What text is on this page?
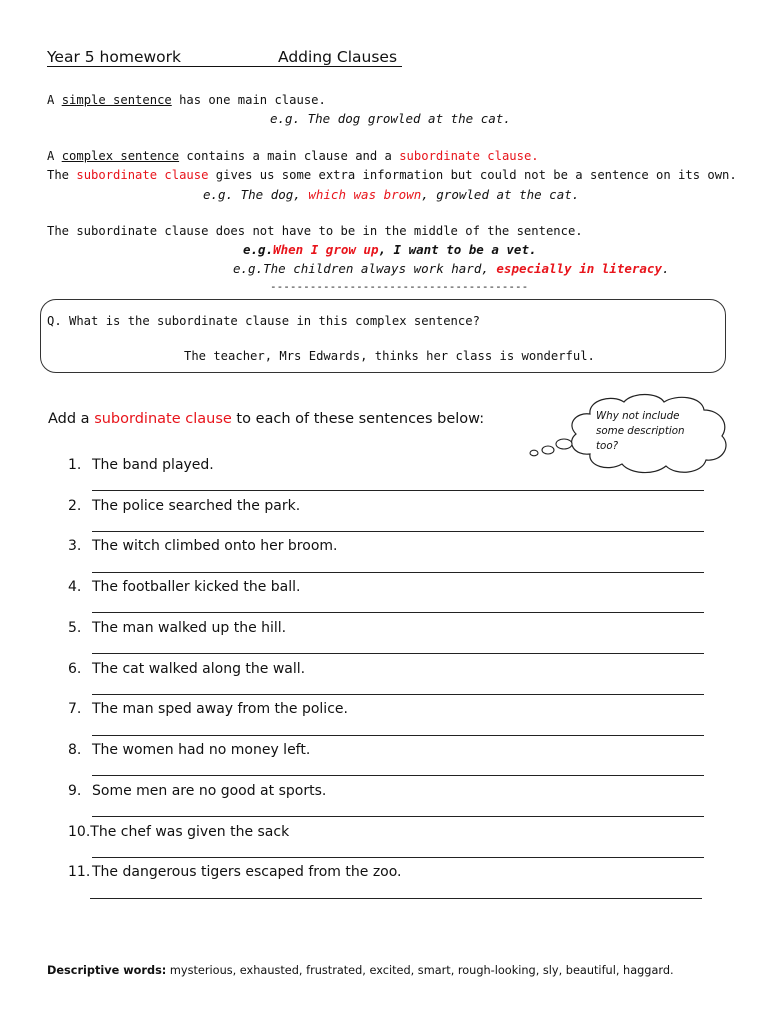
Year 5 homework	Adding Clauses
A simple sentence has one main clause.
e.g. The dog growled at the cat.
A complex sentence contains a main clause and a subordinate clause.
The subordinate clause gives us some extra information but could not be a sentence on its own.
e.g. The dog, which was brown, growled at the cat.
The subordinate clause does not have to be in the middle of the sentence.
e.g.When I grow up, I want to be a vet.
e.g.The children always work hard, especially in literacy.
---------------------------------------
Q. What is the subordinate clause in this complex sentence?
The teacher, Mrs Edwards, thinks her class is wonderful.
Add a subordinate clause to each of these sentences below:	Why not include
some description
too?
1. The band played.
2. The police searched the park.
3. The witch climbed onto her broom.
4. The footballer kicked the ball.
5. The man walked up the hill.
6. The cat walked along the wall.
7. The man sped away from the police.
8. The women had no money left.
9. Some men are no good at sports.
10.The chef was given the sack
11. The dangerous tigers escaped from the zoo.
Descriptive words: mysterious, exhausted, frustrated, excited, smart, rough-looking, sly, beautiful, haggard.
